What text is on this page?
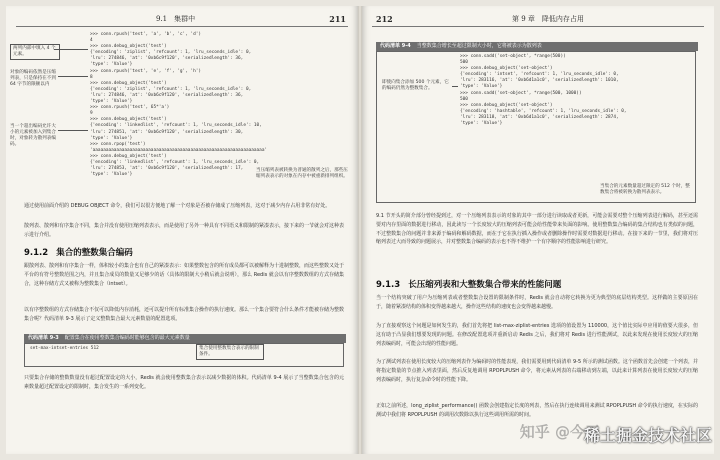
9.1　集群中	211
两列内部中填入 4 个元素。
对象的编码依然是压缩列表，只是保持在不到 64 字节的限额以内
当一个超出编码允许大小的元素被加入到集合时，对象转为散列表编码。
当压缩列表被转换为普通的散列之后，那些压缩列表表示的对象在内存中被重新排列组织。
>>> conn.rpush('test', 'a', 'b', 'c', 'd')
4
>>> conn.debug_object('test')
{'encoding': 'ziplist', 'refcount': 1, 'lru_seconds_idle': 0,
'lru': 274846, 'at': '0xb6c9f120', 'serializedlength': 36,
'type': 'Value'}
>>> conn.rpush('test', 'e', 'f', 'g', 'h')
8
>>> conn.debug_object('test')
{'encoding': 'ziplist', 'refcount': 1, 'lru_seconds_idle': 0,
'lru': 274846, 'at': '0xb6c9f120', 'serializedlength': 36,
'type': 'Value'}
>>> conn.rpush('test', 65*'a')
9
>>> conn.debug_object('test')
{'encoding': 'linkedlist', 'refcount': 1, 'lru_seconds_idle': 10,
'lru': 274851, 'at': '0xb6c9f120', 'serializedlength': 30,
'type': 'Value'}
>>> conn.rpop('test')
'aaaaaaaaaaaaaaaaaaaaaaaaaaaaaaaaaaaaaaaaaaaaaaaaaaaaaaaaaaaaaaaaa'
>>> conn.debug_object('test')
{'encoding': 'linkedlist', 'refcount': 1, 'lru_seconds_idle': 0,
'lru': 274853, 'at': '0xb6c9f120', 'serializedlength': 17,
'type': 'Value'}
通过使用前面介绍的 DEBUG OBJECT 命令，我们可以很方便地了解一个对象是否被存储成了压缩列表，这对于减少内存占用非常有好处。
散列表、散列和有序集合不同，集合并没有使用压缩列表表示，而是使用了另外一种具有不同语义和限制的紧凑表示，接下来的一节就会对这种表示进行介绍。
9.1.2 集合的整数集合编码
跟散列表、散列和有序集合一样，体积较小的集合也有自己的紧凑表示：如果整数包含的所有成员都可以被解释为十进制整数，而这些整数又处于平台的有符号整数范围之内，并且集合成员的数量又足够少的话（具体的限制大小稍后就会说明），那么 Redis 就会以有序整数数组的方式存储集合，这种存储方式又被称为整数集合（intset）。
以有序整数组的方式存储集合不仅可以降低内存消耗，还可以提升所有标准集合操作的执行速度。那么一个集合要符合什么条件才能被存储为整数集合呢？代码清单 9-3 展示了定义整数集合最大元素数量的配置选项。
代码清单 9-3 配置集合在使用整数集合编码时能够包含的最大元素数量
set-max-intset-entries 512	集合使用整数集合表示的限制条件。
只要集合存储的整数数量没有超过配置设定的大小，Redis 就会使用整数集合表示以减少数据的体积。代码清单 9-4 展示了当整数集合包含的元素数量超过配置设定的限制时，集合发生的一系列变化。
212	第 9 章　降低内存占用
代码清单 9-4 当整数集合增长至超过限制大小时，它将被表示为散列表
即使向集合添加 500 个元素，它的编码仍然为整数集合。
>>> conn.sadd('set-object', *range(500))
500
>>> conn.debug_object('set-object')
{'encoding': 'intset', 'refcount': 1, 'lru_seconds_idle': 0,
'lru': 283116, 'at': '0xb6d1a1c0', 'serializedlength': 1010,
'type': 'Value'}
>>> conn.sadd('set-object', *range(500, 1000))
500
>>> conn.debug_object('set-object')
{'encoding': 'hashtable', 'refcount': 1, 'lru_seconds_idle': 0,
'lru': 283118, 'at': '0xb6d1a1c0', 'serializedlength': 2874,
'type': 'Value'}
当集合的元素数量超过限定的 512 个时，整数集合将被转换为散列表表示。
9.1 节开头的简介部分曾经提到过，对一个压缩列表表示的对象的其中一部分进行读取或者更新，可能会需要对整个压缩列表进行解码，甚至还需要对内存里面的数据进行移动，因此读写一个长度较大的压缩列表可能会给性能带来负面的影响。使用整数集合编码的集合结构也有类似的问题，不过整数集合的问题并非来源于编码和解码数据，而在于它在执行插入操作或者删除操作时需要对数据进行移动。在接下来的一节里，我们将对压缩列表过大而导致的问题展示，并对整数集合编码的表示也不得不维护一个有序顺序的性能影响进行研究。
9.1.3 长压缩列表和大整数集合带来的性能问题
当一个结构突破了用户为压缩列表或者整数集合设置的限制条件时，Redis 就会自动将它转换为更为典型的底层结构类型。这样做的主要原因在于，随着紧凑结构的体积变得越来越大，操作这些结构的速度也会变得越来越慢。
为了直接观察这个问题是如何发生的，我们首先将把 list-max-ziplist-entries 选项的值设置为 110000，这个值比实际中应用的值要大很多，但这有助于凸显我们想要发现的问题。在修改配置选项并重新启动 Redis 之后，我们将对 Redis 进行性能测试，以此来发现在使用长度较大的压缩列表编码时，可能会出现的性能问题。
为了测试列表在使用长度较大的压缩列表作为编码时的性能表现，我们需要用到代码清单 9-5 所示的测试函数。这个函数首先会创建一个列表，并将指定数量的节点推入列表里面，然后反复地调用 RPOPLPUSH 命令，将元素从列表的右端移动到左端，以此来计算列表在使用长度较大的压缩列表编码时，执行复杂命令时的性能下降。
正如之前所述，long_ziplist_performance() 函数会创建指定长度的列表，然后在执行连续调用来测试 RPOPLPUSH 命令的执行速度，在实际的测试中我们将 RPOPLPUSH 的调用次数除以执行这些调用所需的时间。
知乎 @今天
稀土掘金技术社区
